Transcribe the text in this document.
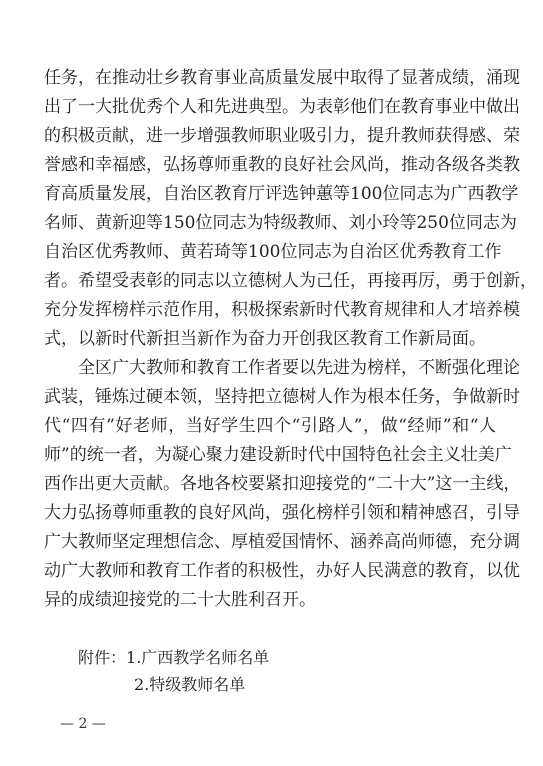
任务，在推动壮乡教育事业高质量发展中取得了显著成绩，涌现
出了一大批优秀个人和先进典型。为表彰他们在教育事业中做出
的积极贡献，进一步增强教师职业吸引力，提升教师获得感、荣
誉感和幸福感，弘扬尊师重教的良好社会风尚，推动各级各类教
育高质量发展，自治区教育厅评选钟蕙等100位同志为广西教学
名师、黄新迎等150位同志为特级教师、刘小玲等250位同志为
自治区优秀教师、黄若琦等100位同志为自治区优秀教育工作
者。希望受表彰的同志以立德树人为己任，再接再厉，勇于创新，
充分发挥榜样示范作用，积极探索新时代教育规律和人才培养模
式，以新时代新担当新作为奋力开创我区教育工作新局面。
全区广大教师和教育工作者要以先进为榜样，不断强化理论
武装，锤炼过硬本领，坚持把立德树人作为根本任务，争做新时
代“四有”好老师，当好学生四个“引路人”，做“经师”和“人
师”的统一者，为凝心聚力建设新时代中国特色社会主义壮美广
西作出更大贡献。各地各校要紧扣迎接党的“二十大”这一主线，
大力弘扬尊师重教的良好风尚，强化榜样引领和精神感召，引导
广大教师坚定理想信念、厚植爱国情怀、涵养高尚师德，充分调
动广大教师和教育工作者的积极性，办好人民满意的教育，以优
异的成绩迎接党的二十大胜利召开。
附件：1.广西教学名师名单
2.特级教师名单
— 2 —
